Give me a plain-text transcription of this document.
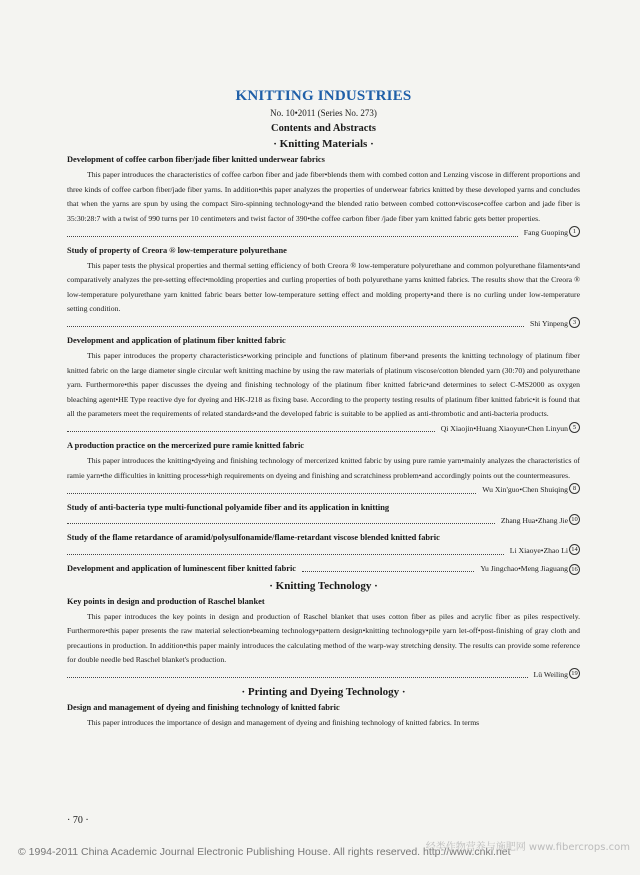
KNITTING INDUSTRIES
No. 10•2011 (Series No. 273)
Contents and Abstracts
· Knitting Materials ·
Development of coffee carbon fiber/jade fiber knitted underwear fabrics

This paper introduces the characteristics of coffee carbon fiber and jade fiber•blends them with combed cotton and Lenzing viscose in different proportions and three kinds of coffee carbon fiber/jade fiber yarns. In addition•this paper analyzes the properties of underwear fabrics knitted by these developed yarns and concludes that when the yarns are spun by using the compact Siro-spinning technology•and the blended ratio between combed cotton•viscose•coffee carbon and jade fiber is 35:30:28:7 with a twist of 990 turns per 10 centimeters and twist factor of 390•the coffee carbon fiber /jade fiber yarn knitted fabric gets better properties.

Fang Guoping 1
Study of property of Creora ® low-temperature polyurethane

This paper tests the physical properties and thermal setting efficiency of both Creora ® low-temperature polyurethane and common polyurethane filaments•and comparatively analyzes the pre-setting effect•molding properties and curling properties of both polyurethane yarns knitted fabrics. The results show that the Creora ® low-temperature polyurethane yarn knitted fabric bears better low-temperature setting effect and molding property•and there is no curling under low-temperature setting condition.

Shi Yinpeng 3
Development and application of platinum fiber knitted fabric

This paper introduces the property characteristics•working principle and functions of platinum fiber•and presents the knitting technology of platinum fiber knitted fabric on the large diameter single circular weft knitting machine by using the raw materials of platinum viscose/cotton blended yarn (30:70) and polyurethane yarn. Furthermore•this paper discusses the dyeing and finishing technology of the platinum fiber knitted fabric•and determines to select C-MS2000 as oxygen bleaching agent•HE Type reactive dye for dyeing and HK-J218 as fixing base. According to the property testing results of platinum fiber knitted fabric•it is found that all the parameters meet the requirements of related standards•and the developed fabric is suitable to be applied as anti-thrombotic and anti-bacteria products.

Qi Xiaojin•Huang Xiaoyun•Chen Linyun 5
A production practice on the mercerized pure ramie knitted fabric

This paper introduces the knitting•dyeing and finishing technology of mercerized knitted fabric by using pure ramie yarn•mainly analyzes the characteristics of ramie yarn•the difficulties in knitting process•high requirements on dyeing and finishing and scratchiness problem•and accordingly points out the countermeasures.

Wu Xin'guo•Chen Shuiqing 8
Study of anti-bacteria type multi-functional polyamide fiber and its application in knitting
Zhang Hua•Zhang Jie 10
Study of the flame retardance of aramid/polysulfonamide/flame-retardant viscose blended knitted fabric
Li Xiaoye•Zhao Li 14
Development and application of luminescent fiber knitted fabric	Yu Jingchao•Meng Jiaguang 16
· Knitting Technology ·
Key points in design and production of Raschel blanket

This paper introduces the key points in design and production of Raschel blanket that uses cotton fiber as piles and acrylic fiber as piles respectively. Furthermore•this paper presents the raw material selection•beaming technology•pattern design•knitting technology•pile yarn let-off•post-finishing of gray cloth and precautions in production. In addition•this paper mainly introduces the calculating method of the warp-way stretching density. The results can provide some reference for double needle bed Raschel blanket's production.

Lü Weiling 19
· Printing and Dyeing Technology ·
Design and management of dyeing and finishing technology of knitted fabric

This paper introduces the importance of design and management of dyeing and finishing technology of knitted fabrics. In terms

· 70 ·
© 1994-2011 China Academic Journal Electronic Publishing House. All rights reserved. http://www.cnki.net
经类作物营养与施肥网 www.fibercrops.com
